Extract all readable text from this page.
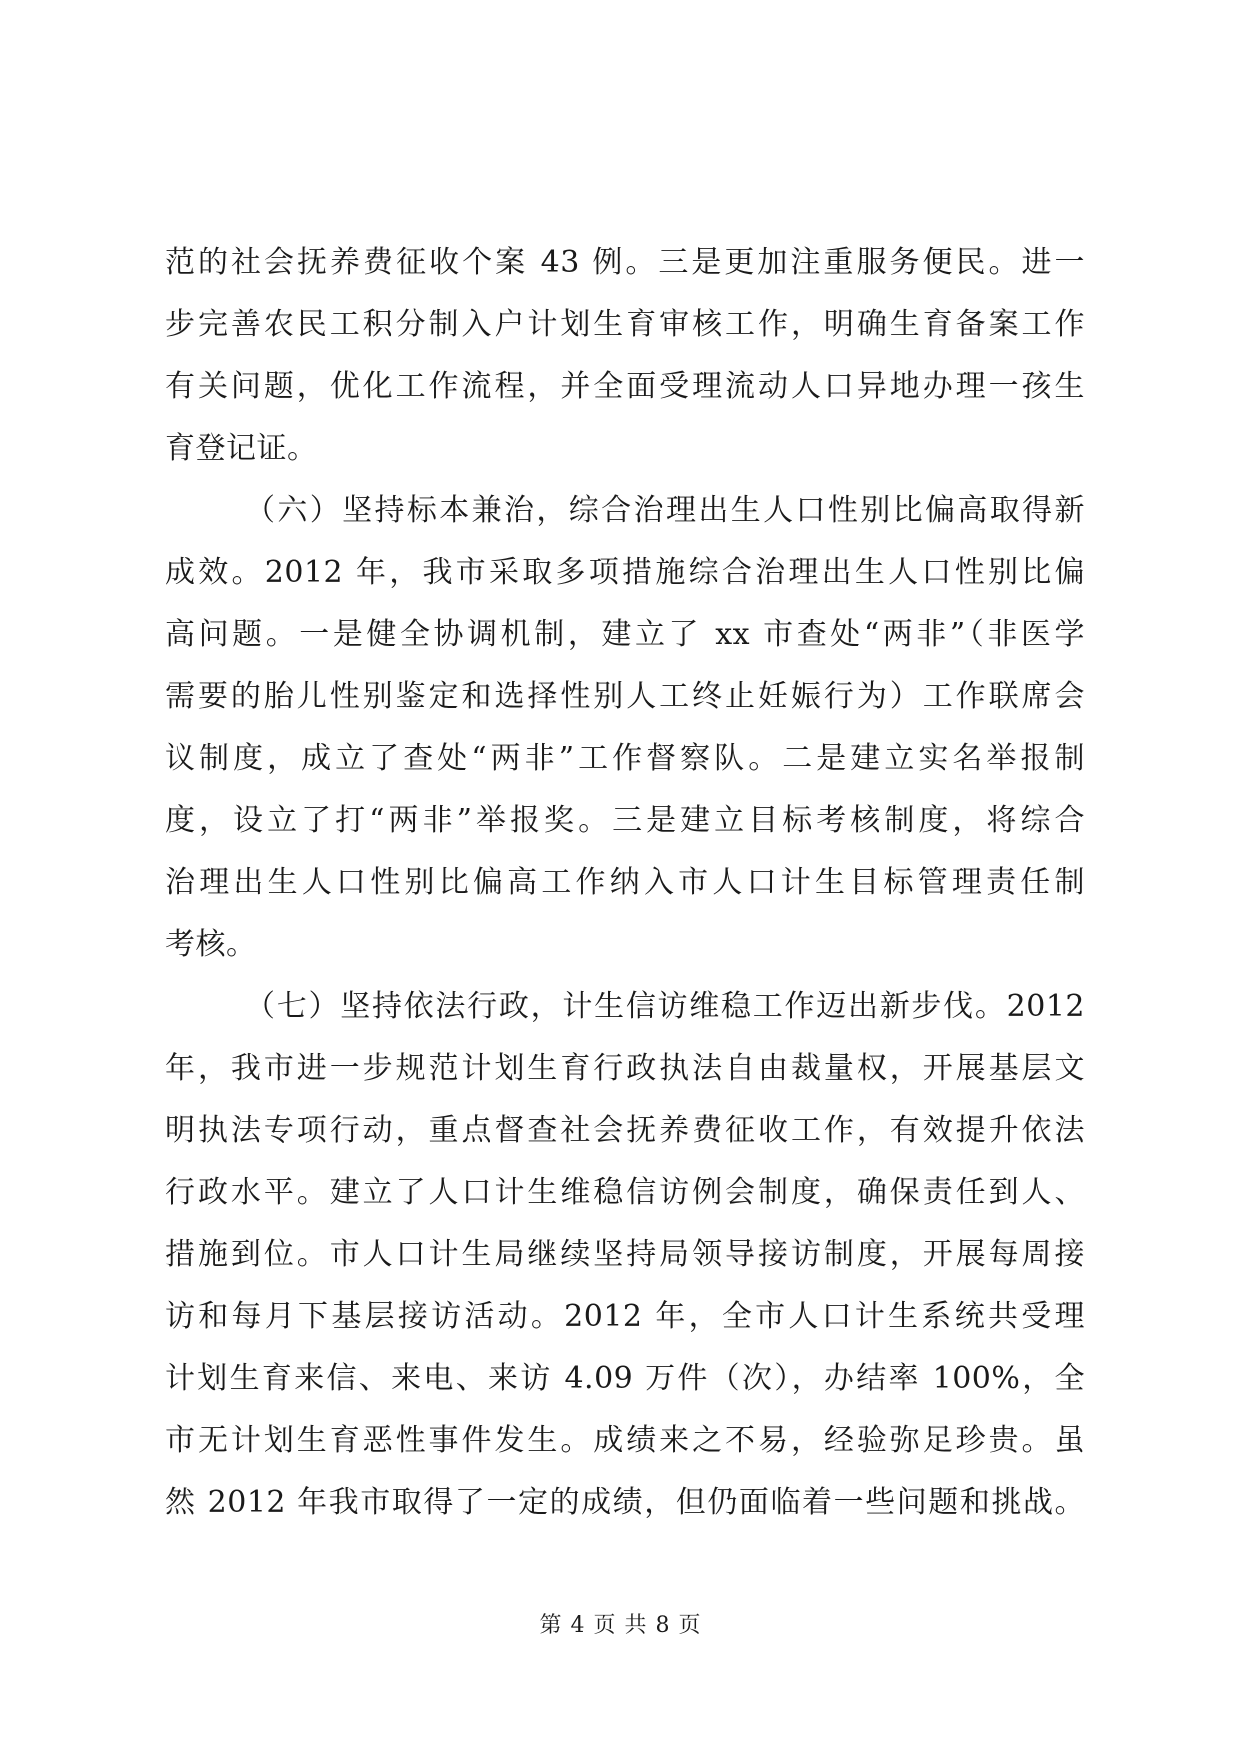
范的社会抚养费征收个案 43 例。三是更加注重服务便民。进一
步完善农民工积分制入户计划生育审核工作，明确生育备案工作
有关问题，优化工作流程，并全面受理流动人口异地办理一孩生
育登记证。
（六）坚持标本兼治，综合治理出生人口性别比偏高取得新
成效。2012 年，我市采取多项措施综合治理出生人口性别比偏
高问题。一是健全协调机制，建立了 xx 市查处“两非”（非医学
需要的胎儿性别鉴定和选择性别人工终止妊娠行为）工作联席会
议制度，成立了查处“两非”工作督察队。二是建立实名举报制
度，设立了打“两非”举报奖。三是建立目标考核制度，将综合
治理出生人口性别比偏高工作纳入市人口计生目标管理责任制
考核。
（七）坚持依法行政，计生信访维稳工作迈出新步伐。2012
年，我市进一步规范计划生育行政执法自由裁量权，开展基层文
明执法专项行动，重点督查社会抚养费征收工作，有效提升依法
行政水平。建立了人口计生维稳信访例会制度，确保责任到人、
措施到位。市人口计生局继续坚持局领导接访制度，开展每周接
访和每月下基层接访活动。2012 年，全市人口计生系统共受理
计划生育来信、来电、来访 4.09 万件（次），办结率 100%，全
市无计划生育恶性事件发生。成绩来之不易，经验弥足珍贵。虽
然 2012 年我市取得了一定的成绩，但仍面临着一些问题和挑战。
第 4 页 共 8 页
